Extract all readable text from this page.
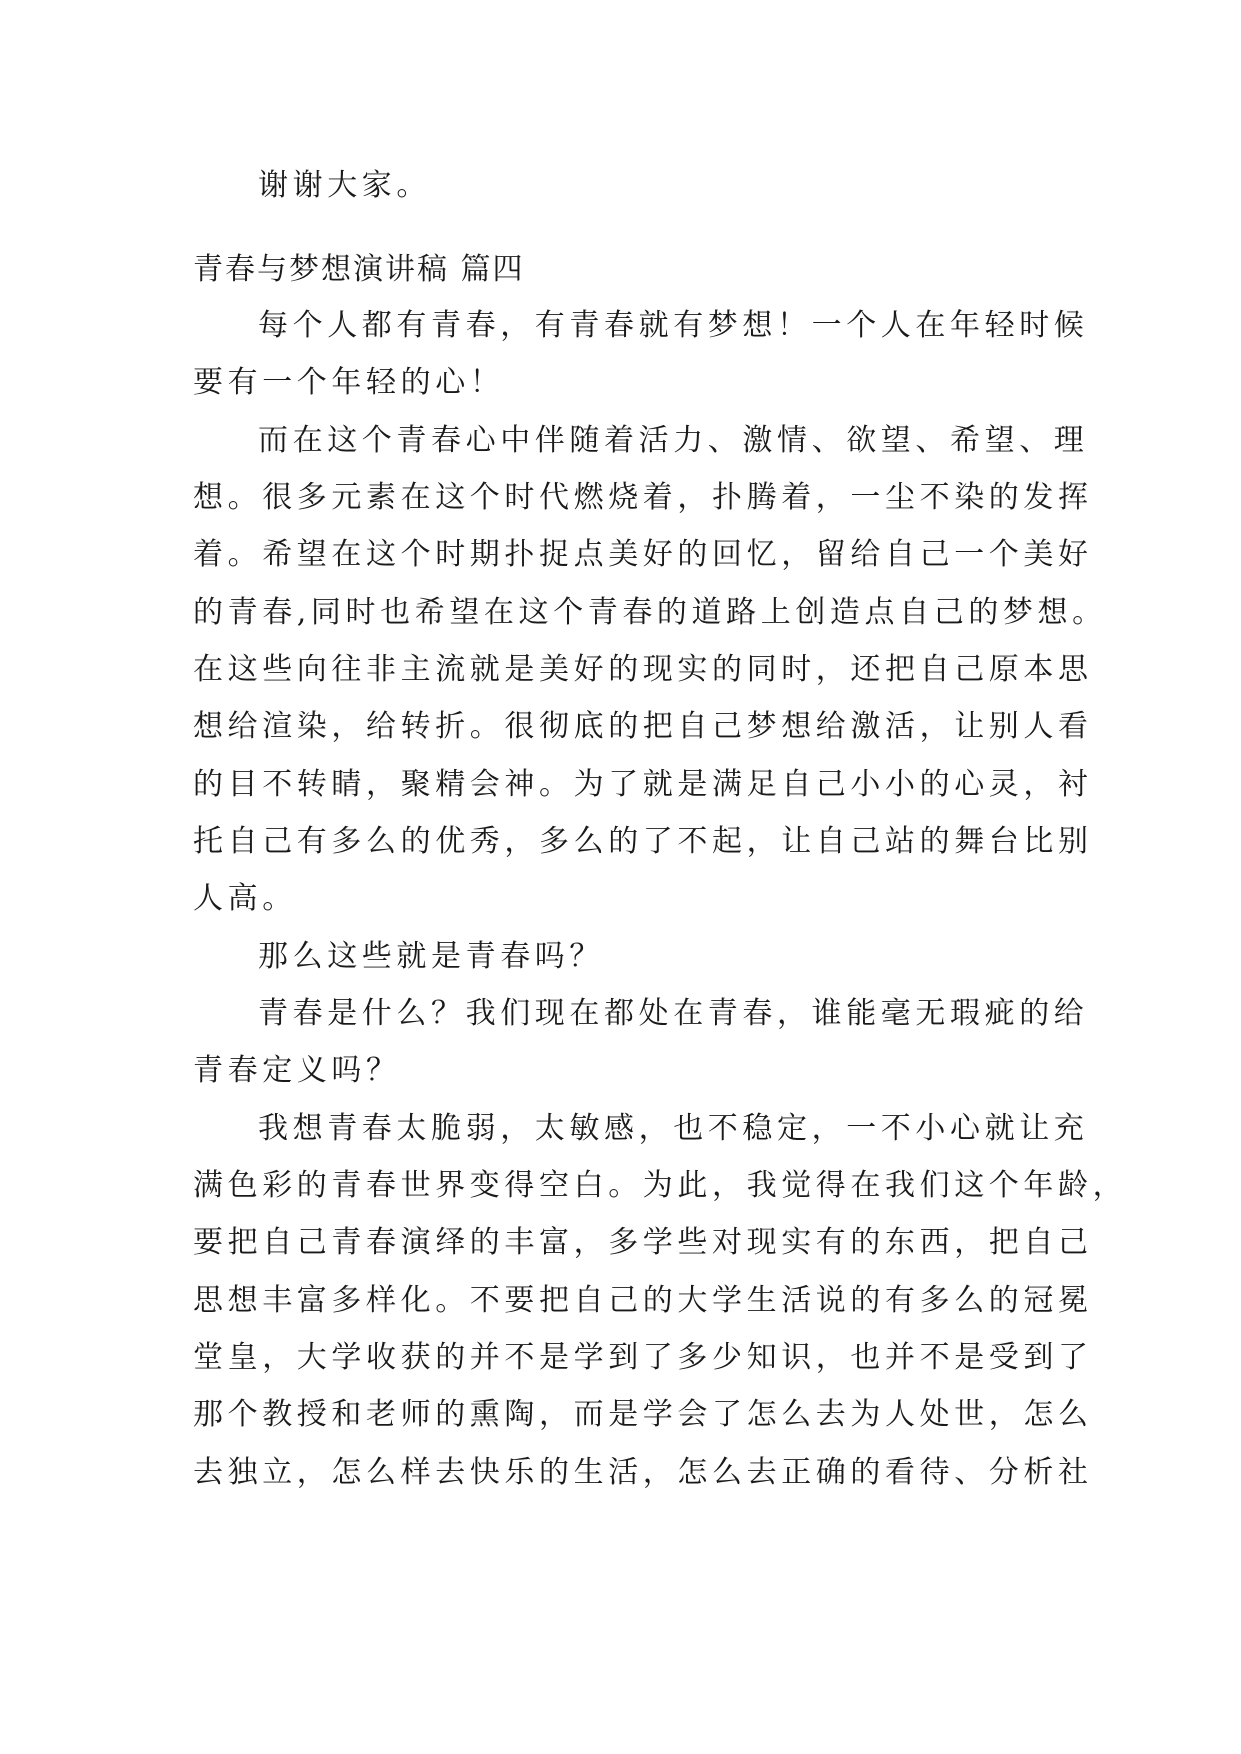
谢谢大家。
青春与梦想演讲稿 篇四
每个人都有青春，有青春就有梦想！一个人在年轻时候
要有一个年轻的心！
而在这个青春心中伴随着活力、激情、欲望、希望、理
想。很多元素在这个时代燃烧着，扑腾着，一尘不染的发挥
着。希望在这个时期扑捉点美好的回忆，留给自己一个美好
的青春,同时也希望在这个青春的道路上创造点自己的梦想。
在这些向往非主流就是美好的现实的同时，还把自己原本思
想给渲染，给转折。很彻底的把自己梦想给激活，让别人看
的目不转睛，聚精会神。为了就是满足自己小小的心灵，衬
托自己有多么的优秀，多么的了不起，让自己站的舞台比别
人高。
那么这些就是青春吗？
青春是什么？我们现在都处在青春，谁能毫无瑕疵的给
青春定义吗？
我想青春太脆弱，太敏感，也不稳定，一不小心就让充
满色彩的青春世界变得空白。为此，我觉得在我们这个年龄，
要把自己青春演绎的丰富，多学些对现实有的东西，把自己
思想丰富多样化。不要把自己的大学生活说的有多么的冠冕
堂皇，大学收获的并不是学到了多少知识，也并不是受到了
那个教授和老师的熏陶，而是学会了怎么去为人处世，怎么
去独立，怎么样去快乐的生活，怎么去正确的看待、分析社
